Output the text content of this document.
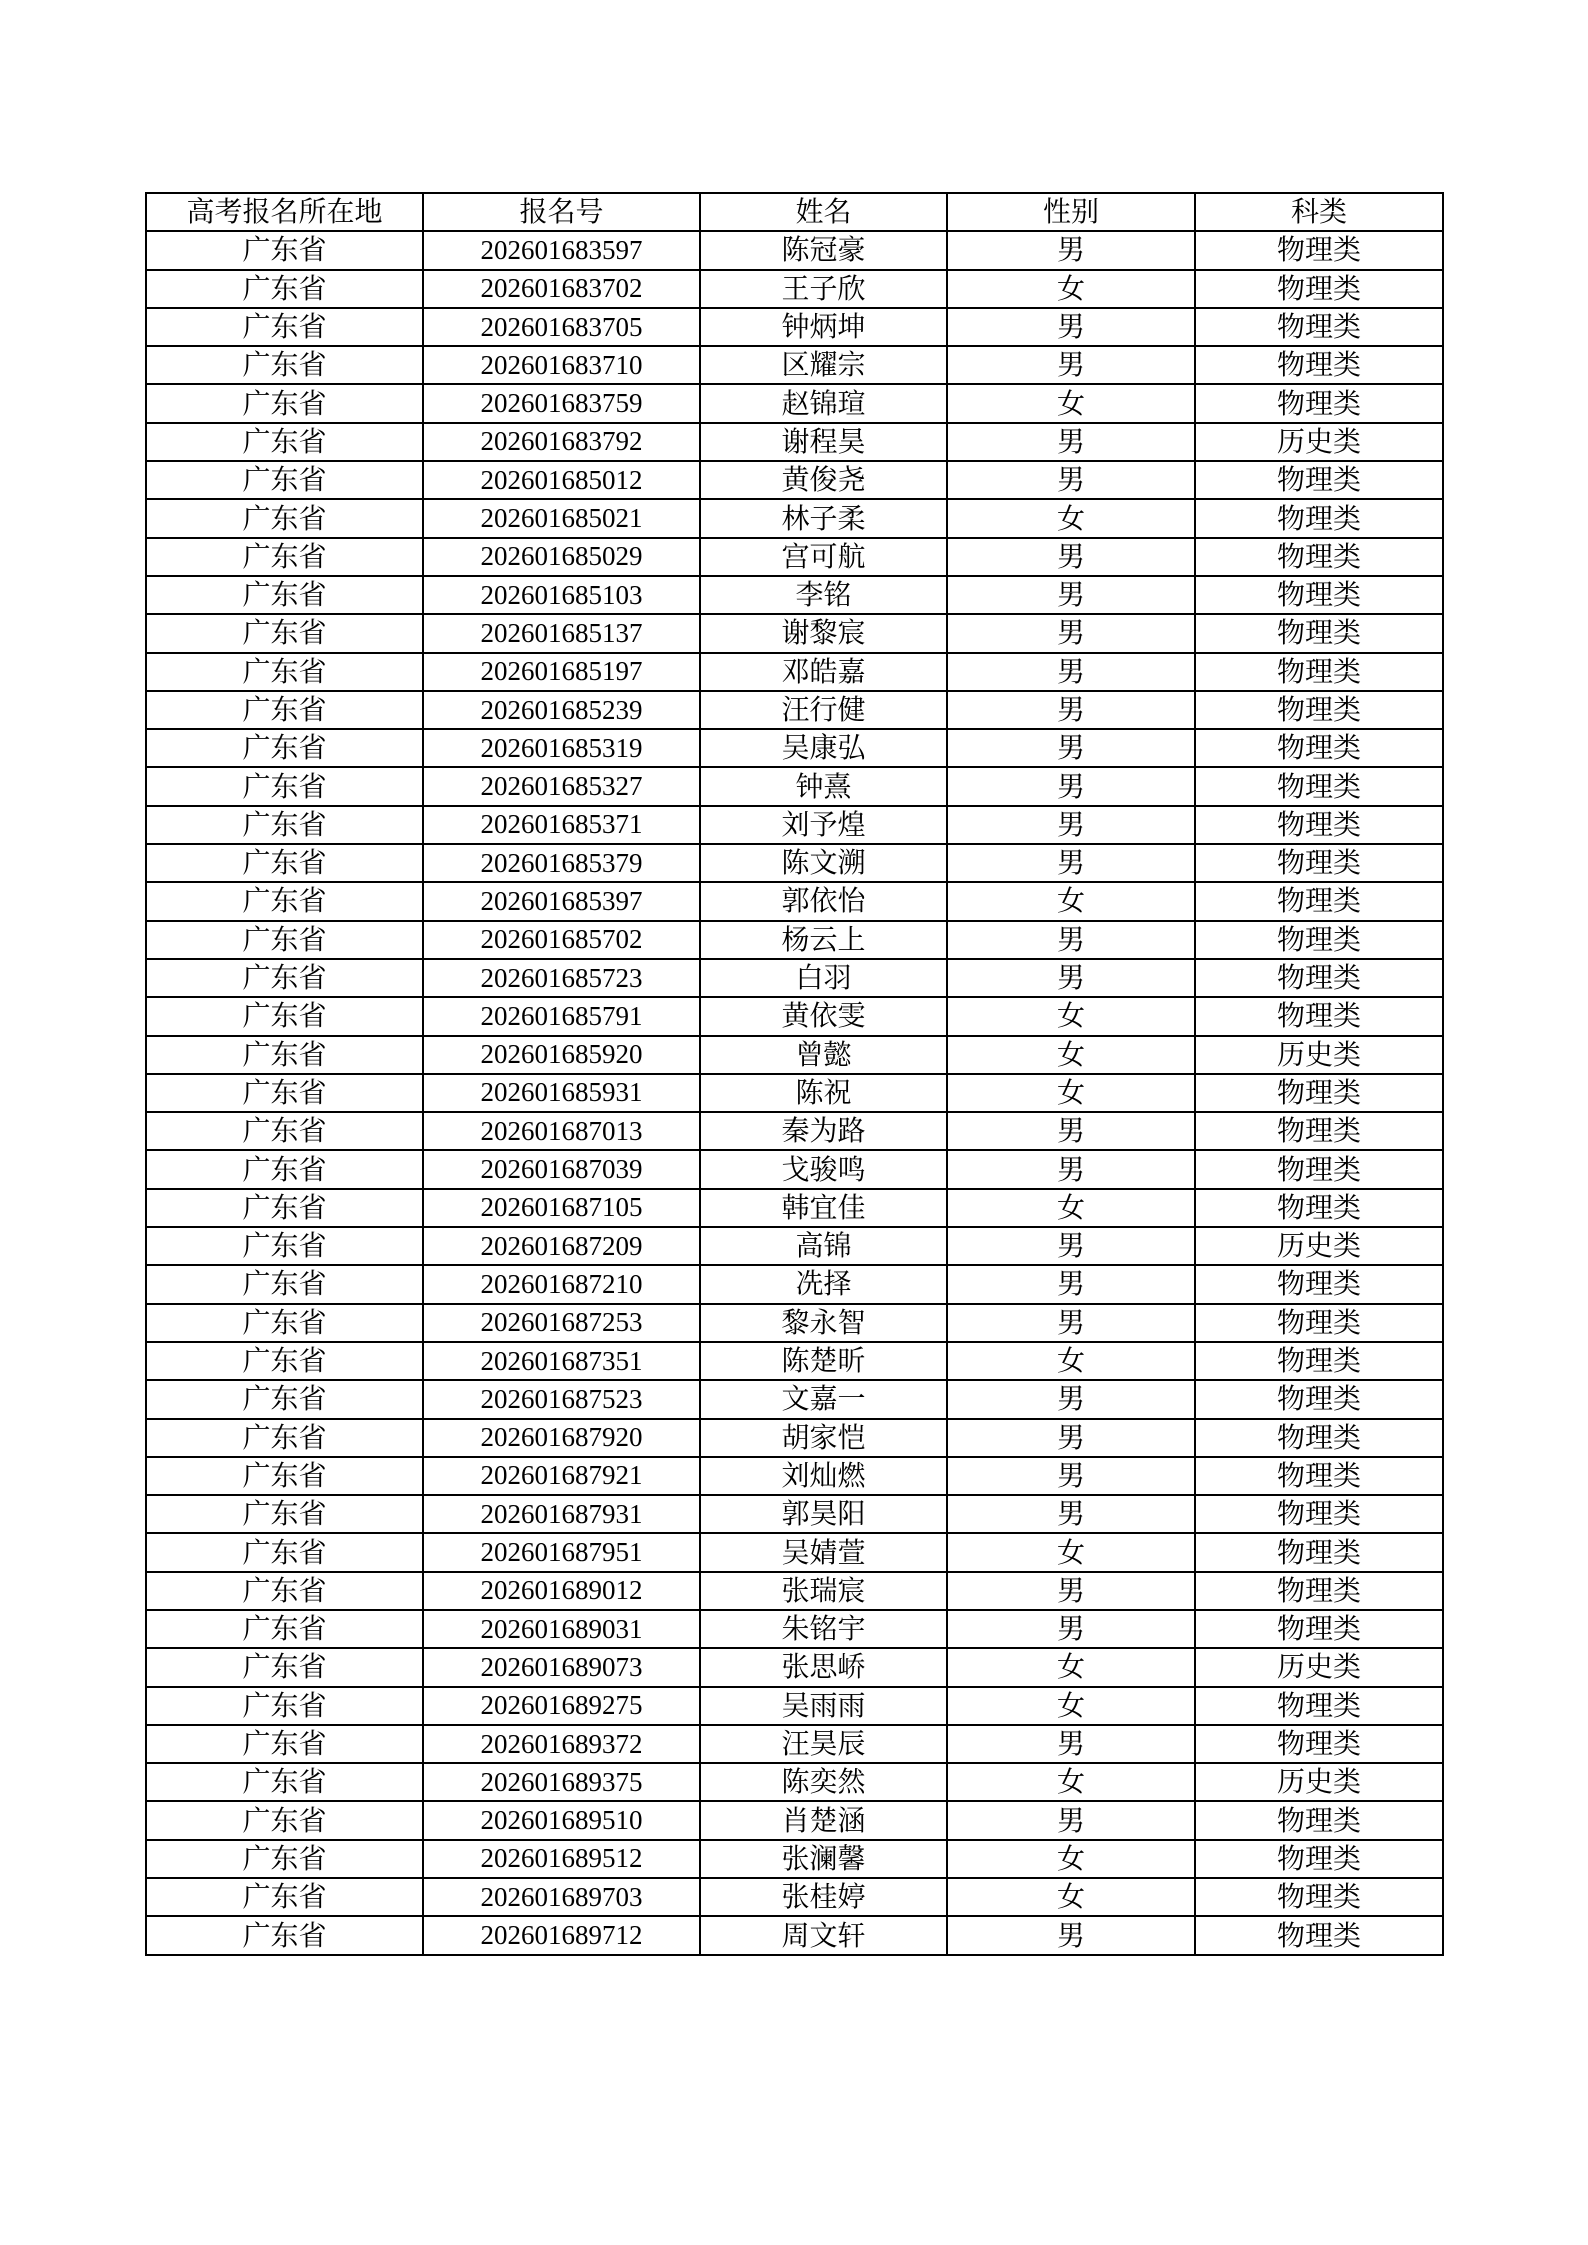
高考报名所在地	报名号	姓名	性别	科类
广东省	202601683597	陈冠豪	男	物理类
广东省	202601683702	王子欣	女	物理类
广东省	202601683705	钟炳坤	男	物理类
广东省	202601683710	区耀宗	男	物理类
广东省	202601683759	赵锦瑄	女	物理类
广东省	202601683792	谢程昊	男	历史类
广东省	202601685012	黄俊尧	男	物理类
广东省	202601685021	林子柔	女	物理类
广东省	202601685029	宫可航	男	物理类
广东省	202601685103	李铭	男	物理类
广东省	202601685137	谢黎宸	男	物理类
广东省	202601685197	邓皓嘉	男	物理类
广东省	202601685239	汪行健	男	物理类
广东省	202601685319	吴康弘	男	物理类
广东省	202601685327	钟熹	男	物理类
广东省	202601685371	刘予煌	男	物理类
广东省	202601685379	陈文溯	男	物理类
广东省	202601685397	郭依怡	女	物理类
广东省	202601685702	杨云上	男	物理类
广东省	202601685723	白羽	男	物理类
广东省	202601685791	黄依雯	女	物理类
广东省	202601685920	曾懿	女	历史类
广东省	202601685931	陈祝	女	物理类
广东省	202601687013	秦为路	男	物理类
广东省	202601687039	戈骏鸣	男	物理类
广东省	202601687105	韩宜佳	女	物理类
广东省	202601687209	高锦	男	历史类
广东省	202601687210	冼择	男	物理类
广东省	202601687253	黎永智	男	物理类
广东省	202601687351	陈楚昕	女	物理类
广东省	202601687523	文嘉一	男	物理类
广东省	202601687920	胡家恺	男	物理类
广东省	202601687921	刘灿燃	男	物理类
广东省	202601687931	郭昊阳	男	物理类
广东省	202601687951	吴婧萱	女	物理类
广东省	202601689012	张瑞宸	男	物理类
广东省	202601689031	朱铭宇	男	物理类
广东省	202601689073	张思峤	女	历史类
广东省	202601689275	吴雨雨	女	物理类
广东省	202601689372	汪昊辰	男	物理类
广东省	202601689375	陈奕然	女	历史类
广东省	202601689510	肖楚涵	男	物理类
广东省	202601689512	张澜馨	女	物理类
广东省	202601689703	张桂婷	女	物理类
广东省	202601689712	周文轩	男	物理类
